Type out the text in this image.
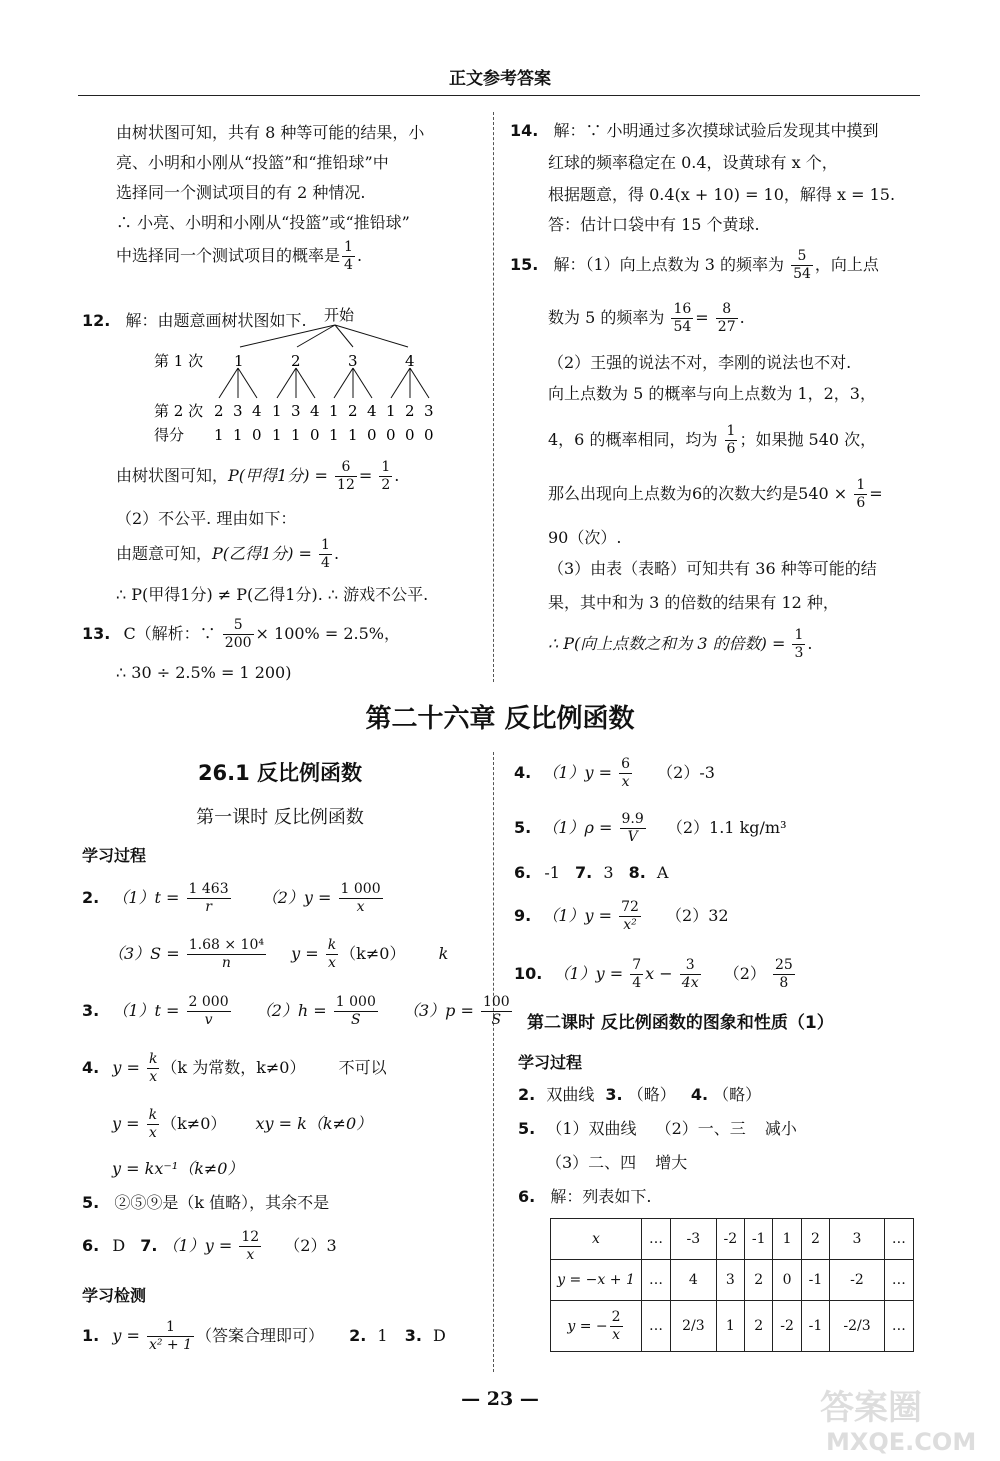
正文参考答案
由树状图可知，共有 8 种等可能的结果，小
亮、小明和小刚从“投篮”和“推铅球”中
选择同一个测试项目的有 2 种情况.
∴ 小亮、小明和小刚从“投篮”或“推铅球”
中选择同一个测试项目的概率是 $\frac{1}{4}$ .
12. 解：由题意画树状图如下. 开始
第 1 次 1	2	3	4
第 2 次 2 3 4 1 3 4 1 2 4 1 2 3
得分 1 1 0 1 1 0 1 1 0 0 0 0
由树状图可知，P(甲得1分) = $\frac{6}{12} = \frac{1}{2}$ .
（2）不公平. 理由如下：
由题意可知，P(乙得1分) = $\frac{1}{4}$ .
∴ P(甲得1分) ≠ P(乙得1分). ∴ 游戏不公平.
13. C（解析：∵ $\frac{5}{200} \times 100\% = 2.5\%$，
∴ 30 ÷ 2.5% = 1 200)
14. 解：∵ 小明通过多次摸球试验后发现其中摸到
红球的频率稳定在 0.4，设黄球有 x 个，
根据题意，得 0.4(x + 10) = 10，解得 x = 15.
答：估计口袋中有 15 个黄球.
15. 解：（1）向上点数为 3 的频率为 $\frac{5}{54}$ ，向上点
数为 5 的频率为 $\frac{16}{54} = \frac{8}{27}$ .
（2）王强的说法不对，李刚的说法也不对.
向上点数为 5 的概率与向上点数为 1，2，3，
4，6 的概率相同，均为 $\frac{1}{6}$ ；如果抛 540 次，
那么出现向上点数为6的次数大约是$540 \times \frac{1}{6}$ =
90（次）.
（3）由表（表略）可知共有 36 种等可能的结
果，其中和为 3 的倍数的结果有 12 种，
∴ P(向上点数之和为 3 的倍数) = $\frac{1}{3}$ .
第二十六章 反比例函数
26.1 反比例函数
第一课时 反比例函数
学习过程
2. $(1)t = \frac{1 463}{r} (2)y = \frac{1 000}{x}$
$(3)S = \frac{\text{1.68 × 10⁴}}{n}$ $y = \frac{k}{x} (k\ne 0)$ k
3. $(1)t = \frac{2 000}{v} (2)h = \frac{1 000}{S} (3)p = \frac{100}{S}$
4. $y = \frac{k}{x} (k$ 为常数，k≠0） 不可以
$y = \frac{k}{x} (k\ne 0)$ xy = k（k≠0）
y = kx⁻¹（k≠0）
5. ②⑤⑨是（k 值略），其余不是
6. D 7. $(1)y = \frac{12}{x} (2)3$
学习检测
1. $y = \frac{1}{\text{x² + 1}}$ （答案合理即可） 2. 1 3. D
4. $(1)y = \frac{6}{x} (2)-3$
5. $(1)\rho = \frac{9.9}{V} (2)1.1$ kg/m³
6. -1 7. 3 8. A
9. $(1)y = \frac{72}{\text{x²}} (2)32$
10. $(1)y = \frac{7}{4}$ $x - \frac{3}{4x} (2) \frac{25}{8}$
第二课时 反比例函数的图象和性质（1）
学习过程
2. 双曲线 3. （略） 4. （略）
5. （1）双曲线 （2）一、三 减小
（3）二、四 增大
6. 解：列表如下.
x	…	-3	-2	-1	1	2	3	…
y = −x + 1	…	4	3	2	0	-1	-2	…
y = − $\frac{2}{x}$	…	2/3	1	2	-2	-1	-2/3	…
— 23 —	答案圈
MXQE.COM
